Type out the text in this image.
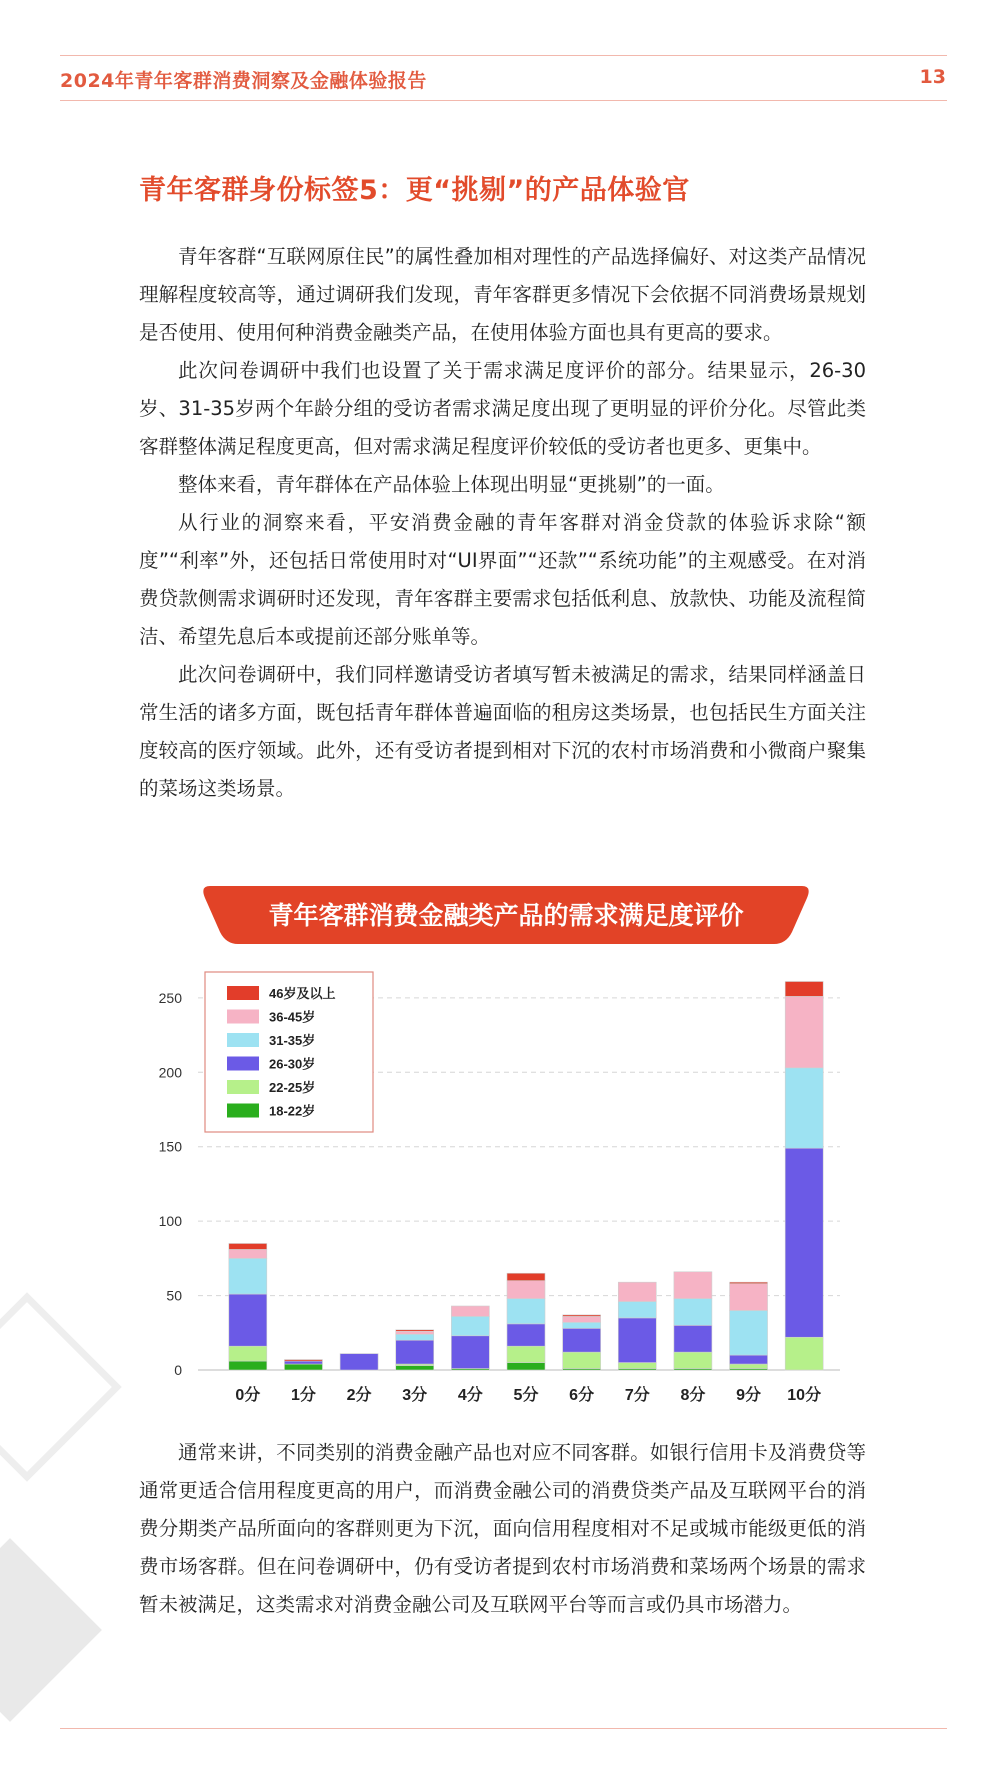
2024年青年客群消费洞察及金融体验报告	13
青年客群身份标签5：更“挑剔”的产品体验官

青年客群“互联网原住民”的属性叠加相对理性的产品选择偏好、对这类产品情况理解程度较高等，通过调研我们发现，青年客群更多情况下会依据不同消费场景规划是否使用、使用何种消费金融类产品，在使用体验方面也具有更高的要求。

此次问卷调研中我们也设置了关于需求满足度评价的部分。结果显示，26-30岁、31-35岁两个年龄分组的受访者需求满足度出现了更明显的评价分化。尽管此类客群整体满足程度更高，但对需求满足程度评价较低的受访者也更多、更集中。

整体来看，青年群体在产品体验上体现出明显“更挑剔”的一面。

从行业的洞察来看，平安消费金融的青年客群对消金贷款的体验诉求除“额度”“利率”外，还包括日常使用时对“UI界面”“还款”“系统功能”的主观感受。在对消费贷款侧需求调研时还发现，青年客群主要需求包括低利息、放款快、功能及流程简洁、希望先息后本或提前还部分账单等。

此次问卷调研中，我们同样邀请受访者填写暂未被满足的需求，结果同样涵盖日常生活的诸多方面，既包括青年群体普遍面临的租房这类场景，也包括民生方面关注度较高的医疗领域。此外，还有受访者提到相对下沉的农村市场消费和小微商户聚集的菜场这类场景。

青年客群消费金融类产品的需求满足度评价
0
50
100
150
200
250
0分 1分 2分 3分 4分 5分 6分 7分 8分 9分 10分
46岁及以上
36-45岁
31-35岁
26-30岁
22-25岁
18-22岁

通常来讲，不同类别的消费金融产品也对应不同客群。如银行信用卡及消费贷等通常更适合信用程度更高的用户，而消费金融公司的消费贷类产品及互联网平台的消费分期类产品所面向的客群则更为下沉，面向信用程度相对不足或城市能级更低的消费市场客群。但在问卷调研中，仍有受访者提到农村市场消费和菜场两个场景的需求暂未被满足，这类需求对消费金融公司及互联网平台等而言或仍具市场潜力。
